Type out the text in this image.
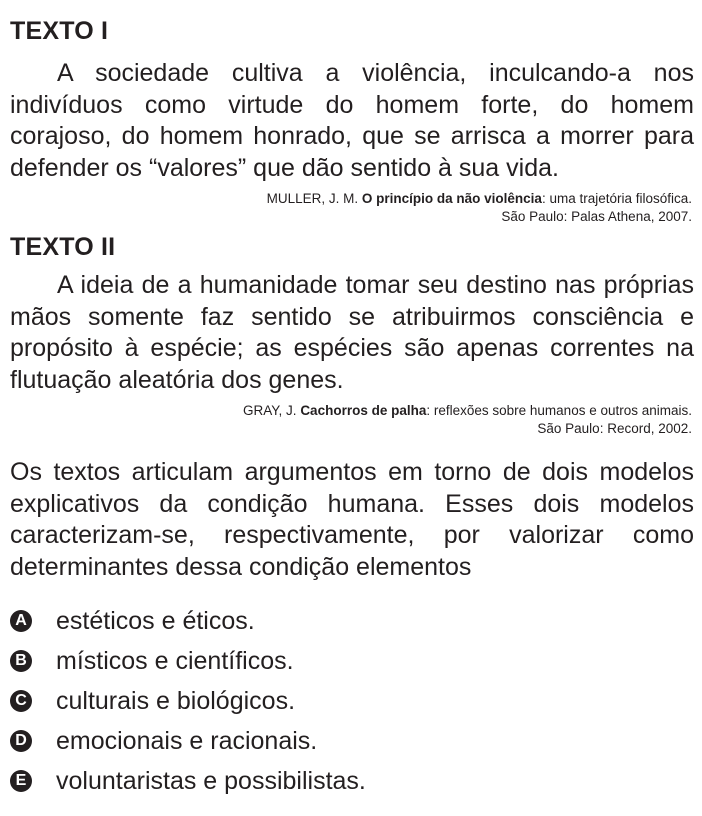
TEXTO I

A sociedade cultiva a violência, inculcando-a nos indivíduos como virtude do homem forte, do homem corajoso, do homem honrado, que se arrisca a morrer para defender os “valores” que dão sentido à sua vida.

MULLER, J. M. O princípio da não violência: uma trajetória filosófica.
São Paulo: Palas Athena, 2007.
TEXTO II

A ideia de a humanidade tomar seu destino nas próprias mãos somente faz sentido se atribuirmos consciência e propósito à espécie; as espécies são apenas correntes na flutuação aleatória dos genes.

GRAY, J. Cachorros de palha: reflexões sobre humanos e outros animais.
São Paulo: Record, 2002.

Os textos articulam argumentos em torno de dois modelos explicativos da condição humana. Esses dois modelos caracterizam-se, respectivamente, por valorizar como determinantes dessa condição elementos

A estéticos e éticos.
B místicos e científicos.
C culturais e biológicos.
D emocionais e racionais.
E voluntaristas e possibilistas.
